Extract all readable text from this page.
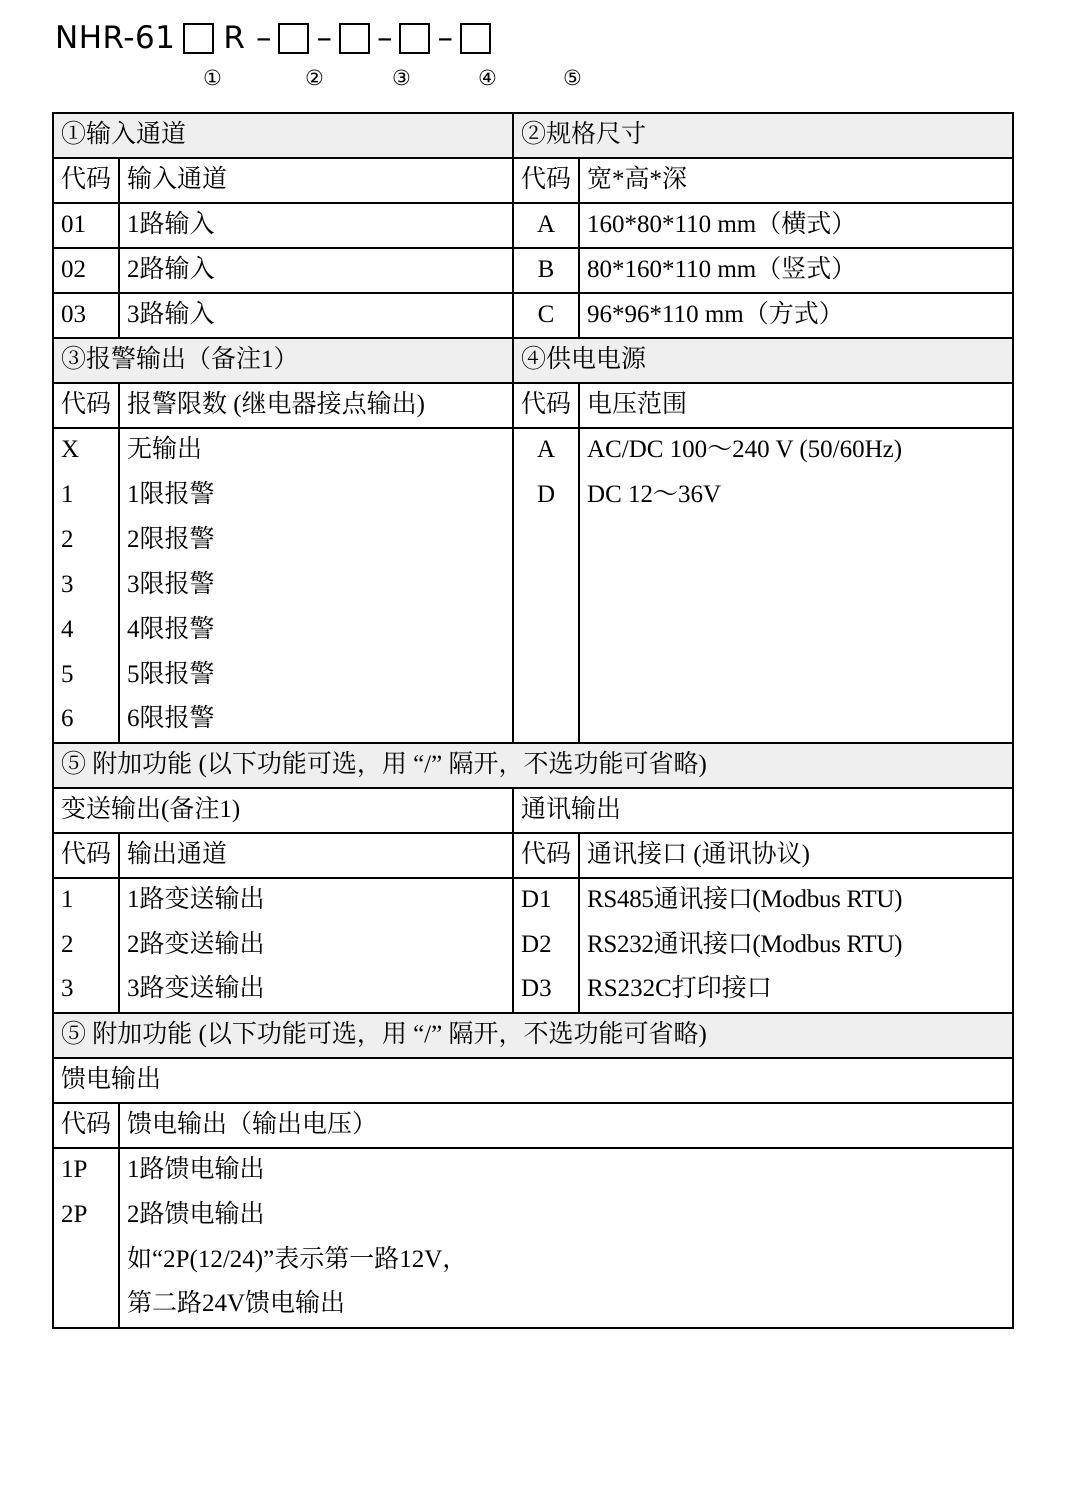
NHR-61 R – – – –
①	②	③	④	⑤
①输入通道		②规格尺寸	
代码	输入通道	代码	宽*高*深
01	1路输入	A	160*80*110 mm（横式）
02	2路输入	B	80*160*110 mm（竖式）
03	3路输入	C	96*96*110 mm（方式）
③报警输出（备注1）		④供电电源	
代码	报警限数 (继电器接点输出)	代码	电压范围
X	无输出	A	AC/DC 100～240 V (50/60Hz)
1	1限报警	D	DC 12～36V
2	2限报警		
3	3限报警		
4	4限报警		
5	5限报警		
6	6限报警		
⑤ 附加功能 (以下功能可选，用 “/” 隔开，不选功能可省略)			
变送输出(备注1)		通讯输出	
代码	输出通道	代码	通讯接口 (通讯协议)
1	1路变送输出	D1	RS485通讯接口(Modbus RTU)
2	2路变送输出	D2	RS232通讯接口(Modbus RTU)
3	3路变送输出	D3	RS232C打印接口
⑤ 附加功能 (以下功能可选，用 “/” 隔开，不选功能可省略)			
馈电输出			
代码	馈电输出（输出电压）		
1P	1路馈电输出		
2P	2路馈电输出		
	如“2P(12/24)”表示第一路12V，		
	第二路24V馈电输出		
